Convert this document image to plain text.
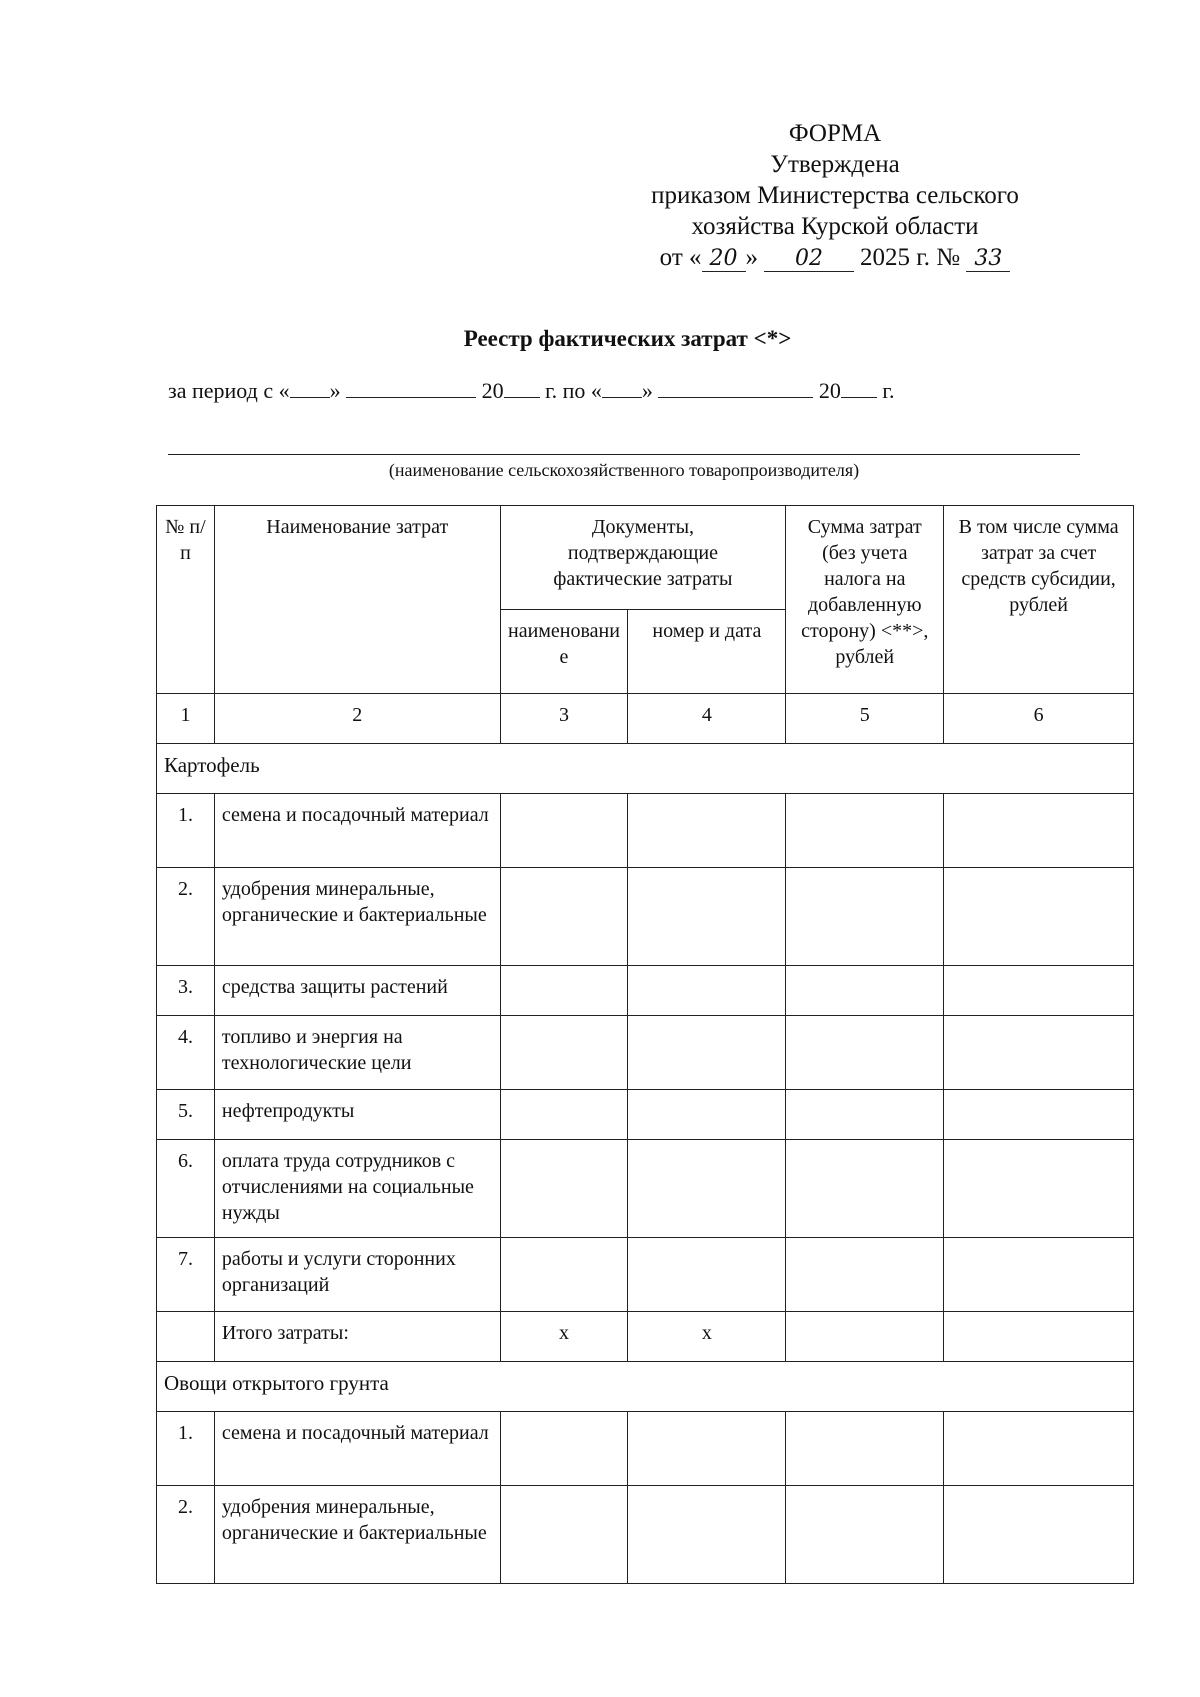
ФОРМА
Утверждена
приказом Министерства сельского
хозяйства Курской области
от « 20 » 02 2025 г. № 33
Реестр фактических затрат <*>
за период с « »	20 г. по « »	20 г.
(наименование сельскохозяйственного товаропроизводителя)
№ п/п	Наименование затрат	Документы, подтверждающие фактические затраты		Сумма затрат (без учета налога на добавленную сторону) <**>, рублей	В том числе сумма затрат за счет средств субсидии, рублей
		наименование	номер и дата		
1	2	3	4	5	6
Картофель					
1.	семена и посадочный материал				
2.	удобрения минеральные, органические и бактериальные				
3.	средства защиты растений				
4.	топливо и энергия на технологические цели				
5.	нефтепродукты				
6.	оплата труда сотрудников с отчислениями на социальные нужды				
7.	работы и услуги сторонних организаций				
	Итого затраты:	х	х		
Овощи открытого грунта					
1.	семена и посадочный материал				
2.	удобрения минеральные, органические и бактериальные				
